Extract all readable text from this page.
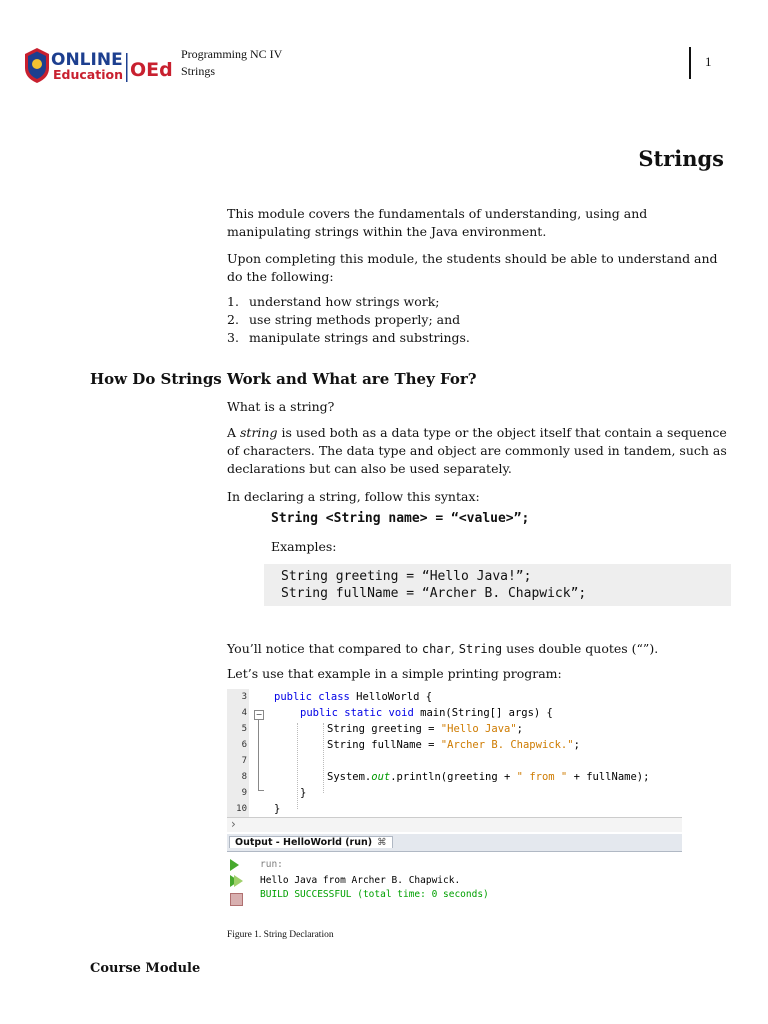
ONLINE
Education OEd
Programming NC IV
Strings
1
Strings
This module covers the fundamentals of understanding, using and manipulating strings within the Java environment.
Upon completing this module, the students should be able to understand and do the following:
1. understand how strings work;
2. use string methods properly; and
3. manipulate strings and substrings.
How Do Strings Work and What are They For?
What is a string?
A string is used both as a data type or the object itself that contain a sequence of characters. The data type and object are commonly used in tandem, such as declarations but can also be used separately.
In declaring a string, follow this syntax:
String <String name> = “<value>”;
Examples:
String greeting = “Hello Java!”;
String fullName = “Archer B. Chapwick”;
You’ll notice that compared to char, String uses double quotes (“”).
Let’s use that example in a simple printing program:
3
4
5
6
7
8
9
10
−
public class HelloWorld {
public static void main(String[] args) {
String greeting = "Hello Java";
String fullName = "Archer B. Chapwick.";
System.out.println(greeting + " from " + fullName);
}
}
›
Output - HelloWorld (run) ⌘
run:
Hello Java from Archer B. Chapwick.
BUILD SUCCESSFUL (total time: 0 seconds)
Figure 1. String Declaration
Course Module
